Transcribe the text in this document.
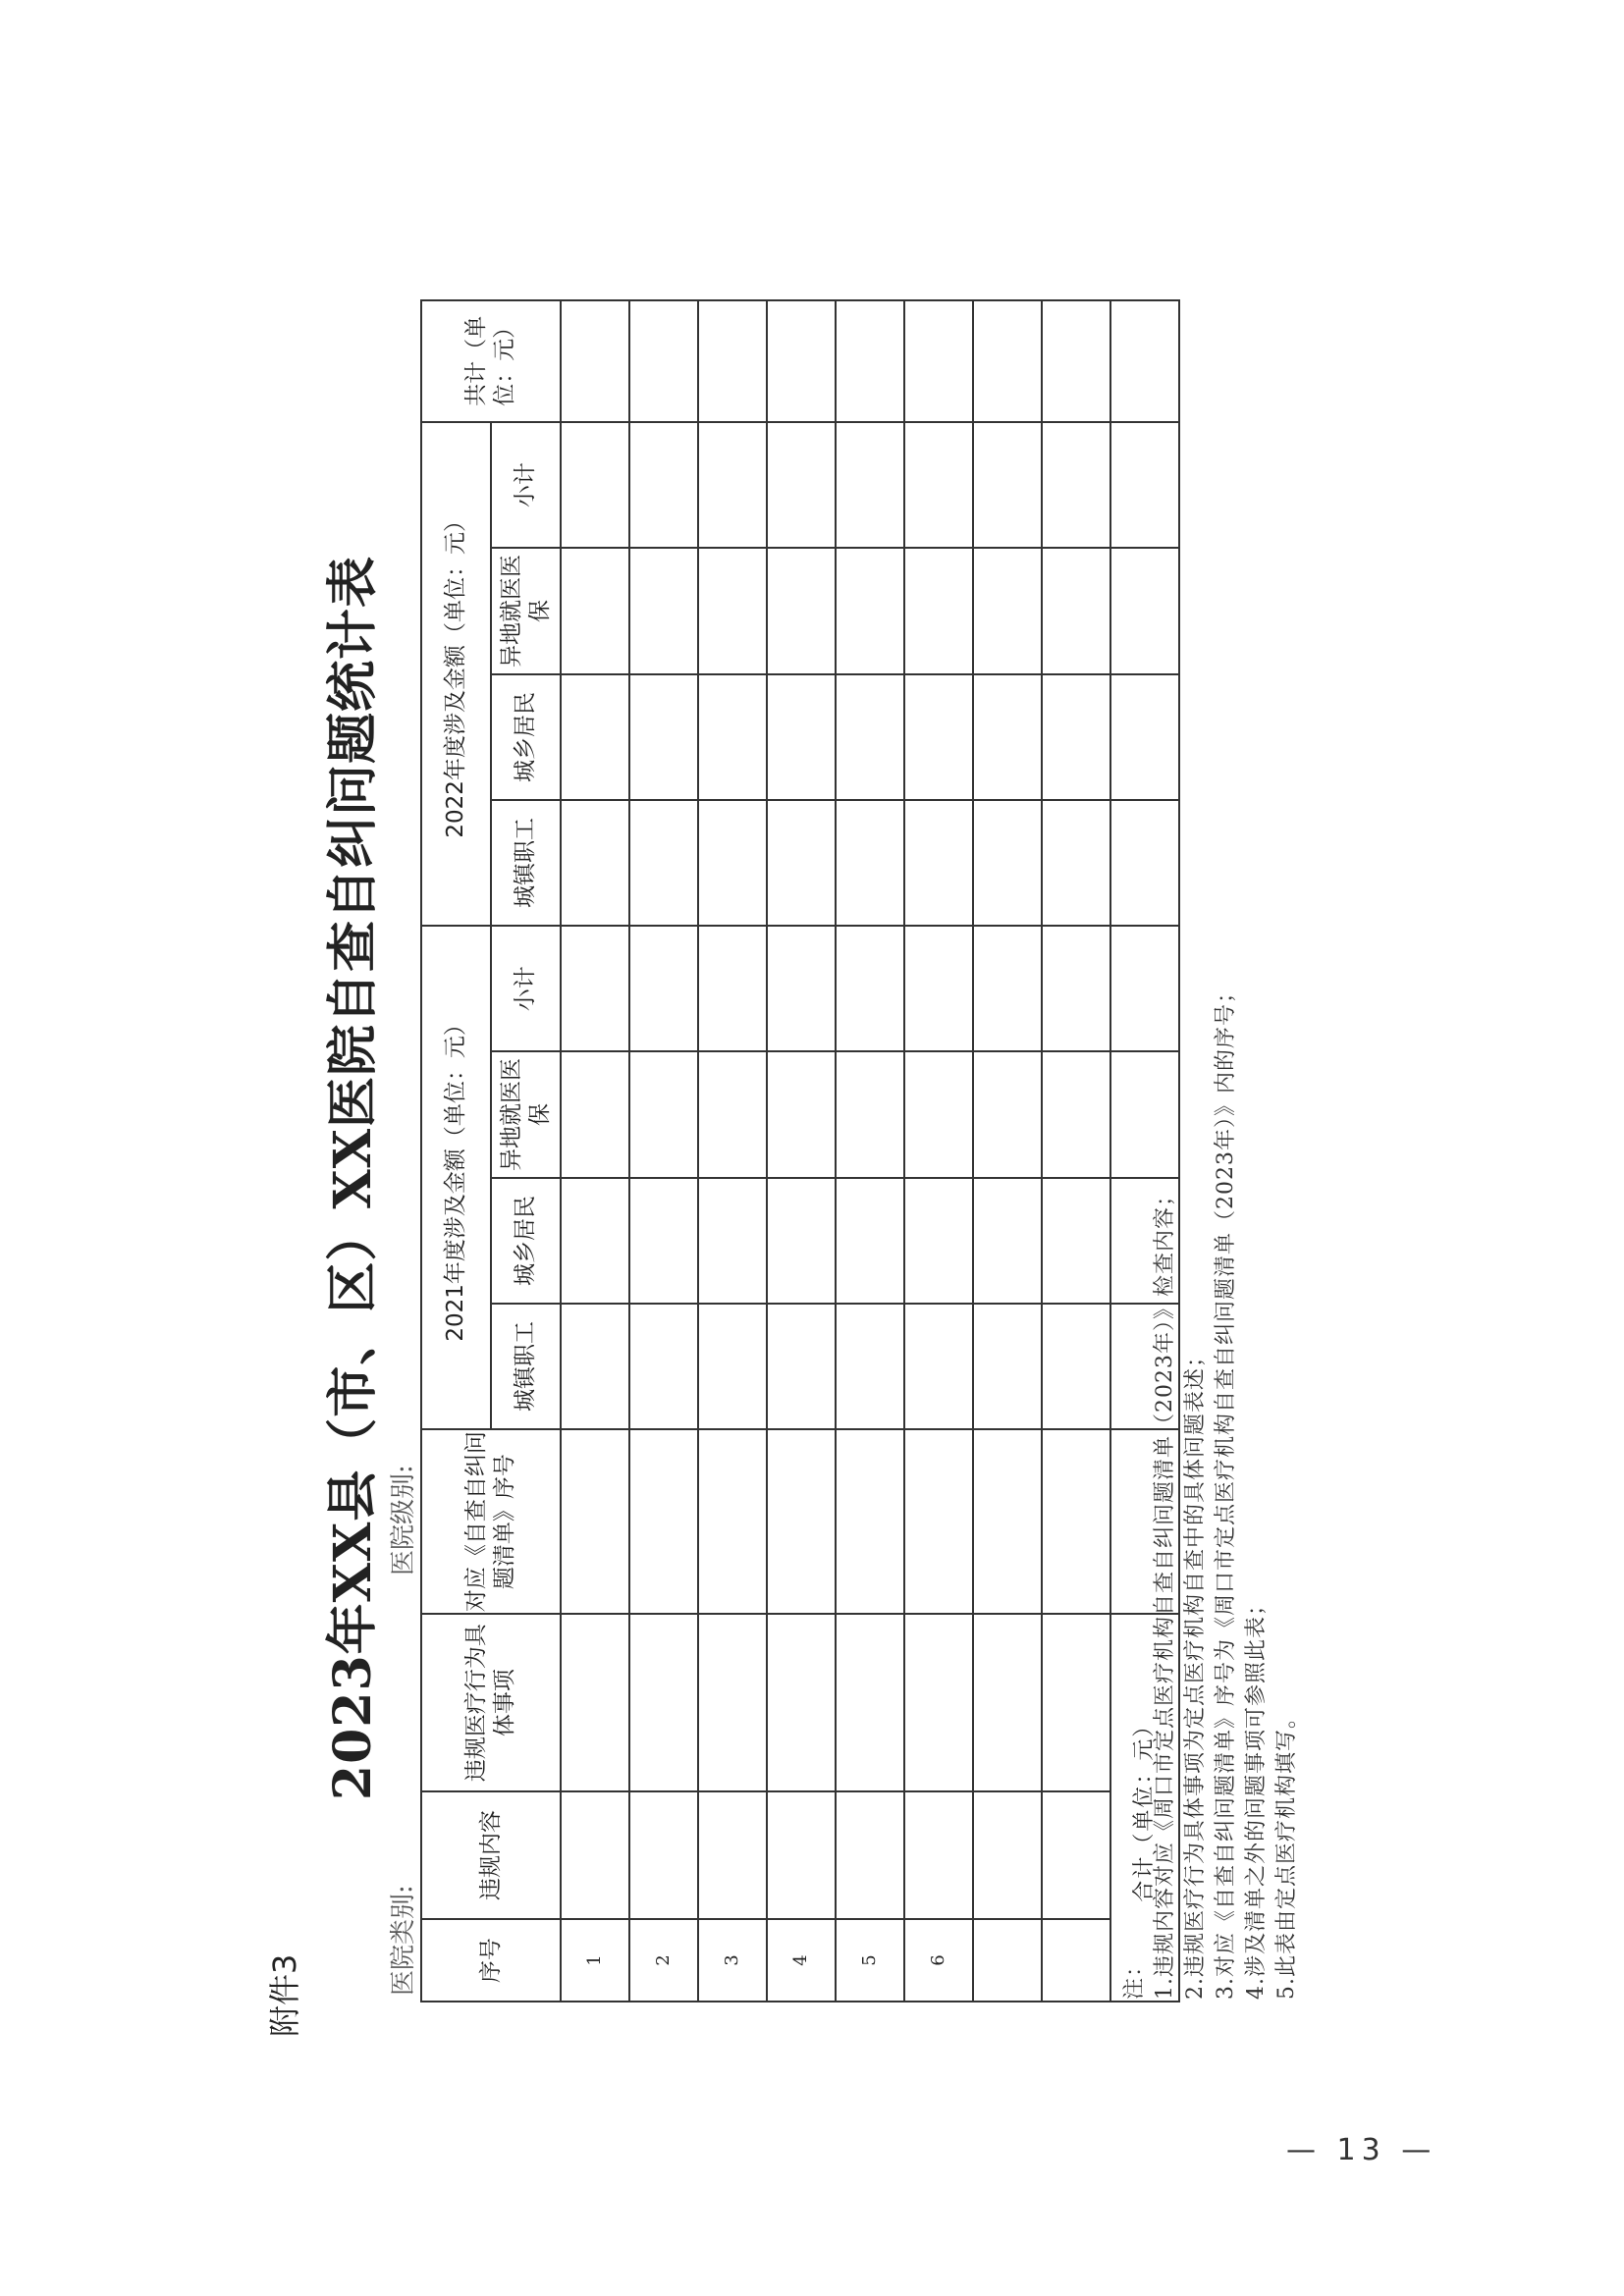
附件3
2023年XX县（市、区）XX医院自查自纠问题统计表
医院类别:
医院级别:
序号	违规内容	违规医疗行为具体事项	对应《自查自纠问题清单》序号	2021年度涉及金额（单位：元）				2022年度涉及金额（单位：元）				共计（单位：元）
				城镇职工	城乡居民	异地就医医保	小计	城镇职工	城乡居民	异地就医医保	小计	
1												
2												
3												
4												
5												
6												

合计（单位：元）												
注： 1.违规内容对应《周口市定点医疗机构自查自纠问题清单（2023年）》检查内容； 2.违规医疗行为具体事项为定点医疗机构自查中的具体问题表述； 3.对应《自查自纠问题清单》序号为《周口市定点医疗机构自查自纠问题清单（2023年）》内的序号； 4.涉及清单之外的问题事项可参照此表； 5.此表由定点医疗机构填写。
— 13 —
